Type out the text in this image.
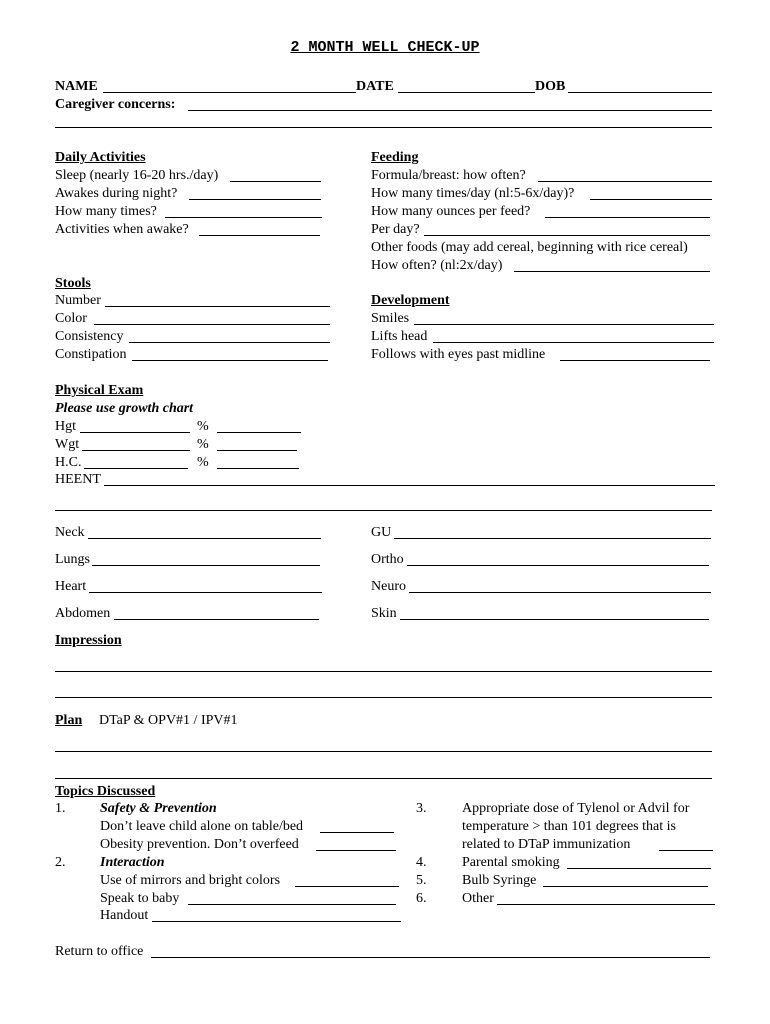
2 MONTH WELL CHECK-UP
NAME	DATE	DOB
Caregiver concerns:
Daily Activities
Sleep (nearly 16-20 hrs./day)
Awakes during night?
How many times?
Activities when awake?
Feeding
Formula/breast: how often?
How many times/day (nl:5-6x/day)?
How many ounces per feed?
Per day?
Other foods (may add cereal, beginning with rice cereal)
How often? (nl:2x/day)
Stools
Number
Color
Consistency
Constipation
Development
Smiles
Lifts head
Follows with eyes past midline
Physical Exam
Please use growth chart
Hgt	%
Wgt	%
H.C.	%
HEENT
Neck
Lungs
Heart
Abdomen
GU
Ortho
Neuro
Skin
Impression
Plan DTaP & OPV#1 / IPV#1
Topics Discussed
1. Safety & Prevention
Don’t leave child alone on table/bed
Obesity prevention. Don’t overfeed
2. Interaction
Use of mirrors and bright colors
Speak to baby
Handout
3.	Appropriate dose of Tylenol or Advil for
temperature > than 101 degrees that is
related to DTaP immunization
4.	Parental smoking
5.	Bulb Syringe
6.	Other
Return to office
